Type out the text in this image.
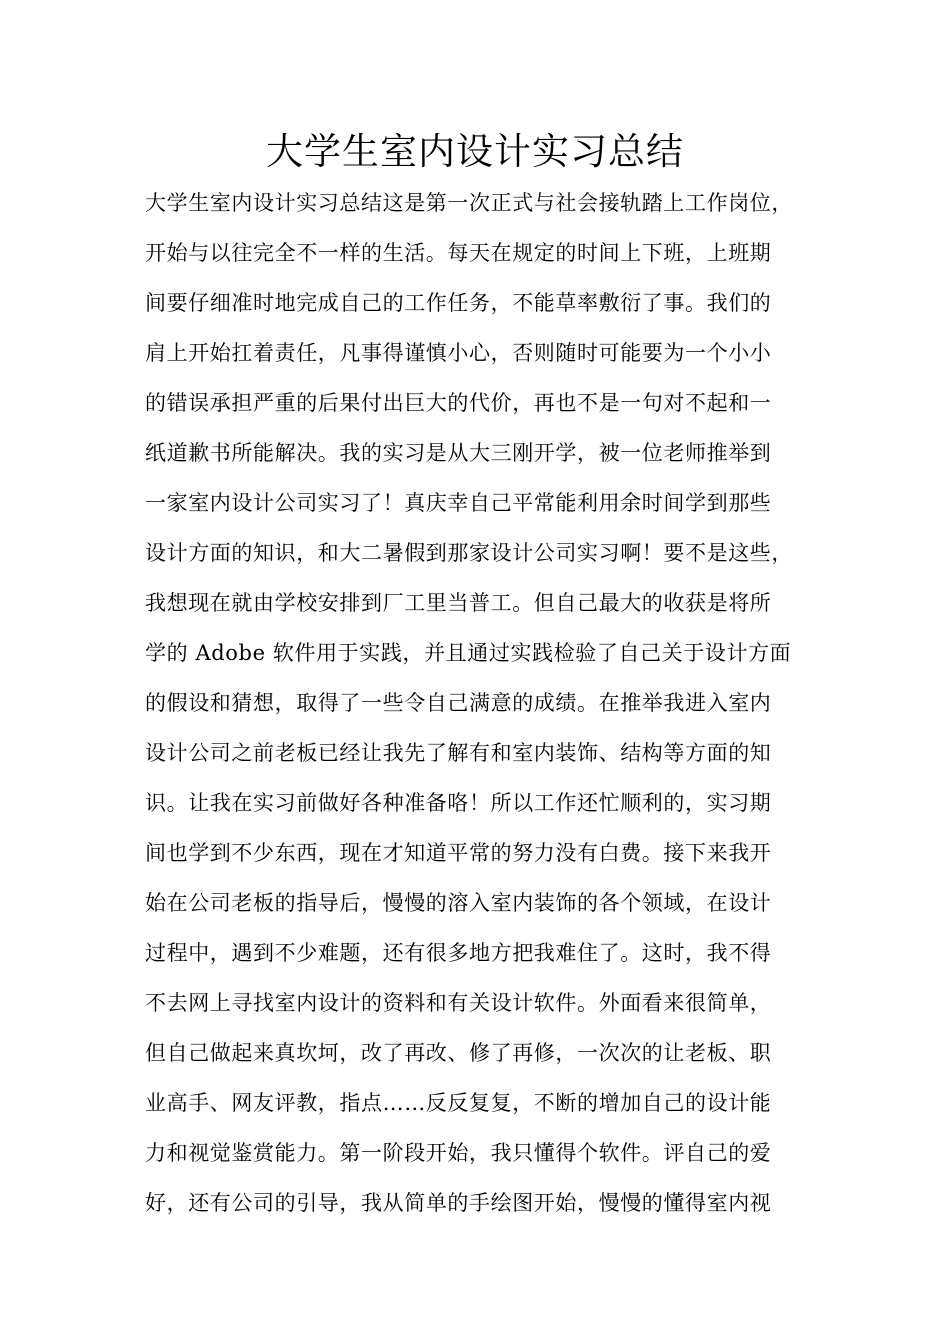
大学生室内设计实习总结
大学生室内设计实习总结这是第一次正式与社会接轨踏上工作岗位，
开始与以往完全不一样的生活。每天在规定的时间上下班，上班期
间要仔细准时地完成自己的工作任务，不能草率敷衍了事。我们的
肩上开始扛着责任，凡事得谨慎小心，否则随时可能要为一个小小
的错误承担严重的后果付出巨大的代价，再也不是一句对不起和一
纸道歉书所能解决。我的实习是从大三刚开学，被一位老师推举到
一家室内设计公司实习了！真庆幸自己平常能利用余时间学到那些
设计方面的知识，和大二暑假到那家设计公司实习啊！要不是这些，
我想现在就由学校安排到厂工里当普工。但自己最大的收获是将所
学的 Adobe 软件用于实践，并且通过实践检验了自己关于设计方面
的假设和猜想，取得了一些令自己满意的成绩。在推举我进入室内
设计公司之前老板已经让我先了解有和室内装饰、结构等方面的知
识。让我在实习前做好各种准备咯！所以工作还忙顺利的，实习期
间也学到不少东西，现在才知道平常的努力没有白费。接下来我开
始在公司老板的指导后，慢慢的溶入室内装饰的各个领域，在设计
过程中，遇到不少难题，还有很多地方把我难住了。这时，我不得
不去网上寻找室内设计的资料和有关设计软件。外面看来很简单，
但自己做起来真坎坷，改了再改、修了再修，一次次的让老板、职
业高手、网友评教，指点……反反复复，不断的增加自己的设计能
力和视觉鉴赏能力。第一阶段开始，我只懂得个软件。评自己的爱
好，还有公司的引导，我从简单的手绘图开始，慢慢的懂得室内视
